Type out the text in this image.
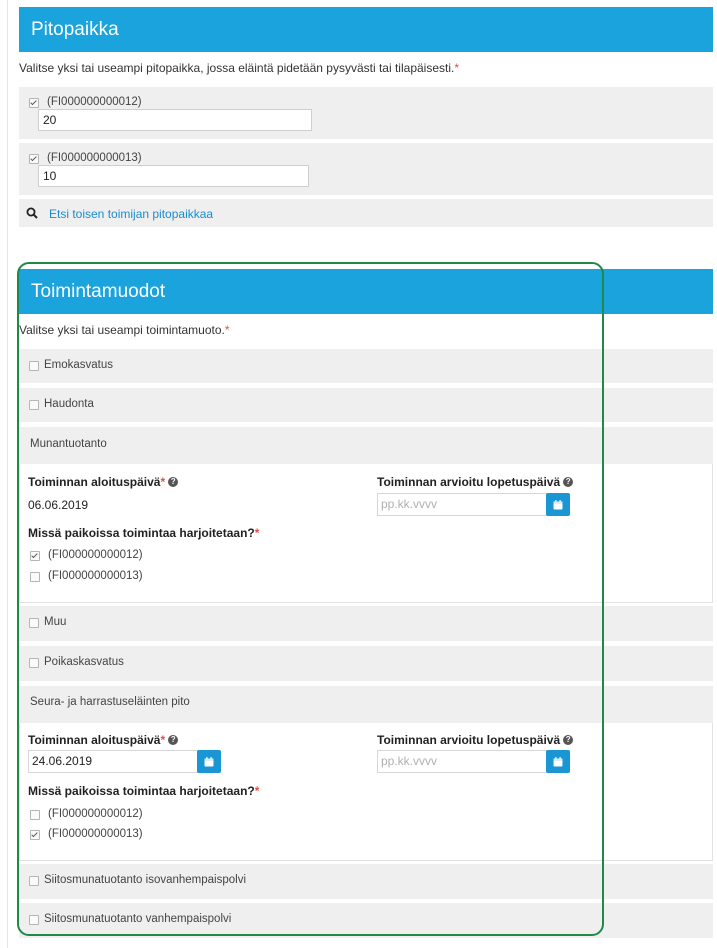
Pitopaikka
Valitse yksi tai useampi pitopaikka, jossa eläintä pidetään pysyvästi tai tilapäisesti.*
(FI000000000012)
20
(FI000000000013)
10
Etsi toisen toimijan pitopaikkaa
Toimintamuodot
Valitse yksi tai useampi toimintamuoto.*
Emokasvatus
Haudonta
Munantuotanto
Toiminnan aloituspäivä* ?
06.06.2019
Toiminnan arvioitu lopetuspäivä ?
pp.kk.vvvv
Missä paikoissa toimintaa harjoitetaan?*
(FI000000000012)
(FI000000000013)
Muu
Poikaskasvatus
Seura- ja harrastuseläinten pito
Toiminnan aloituspäivä* ?
24.06.2019
Toiminnan arvioitu lopetuspäivä ?
pp.kk.vvvv
Missä paikoissa toimintaa harjoitetaan?*
(FI000000000012)
(FI000000000013)
Siitosmunatuotanto isovanhempaispolvi
Siitosmunatuotanto vanhempaispolvi
